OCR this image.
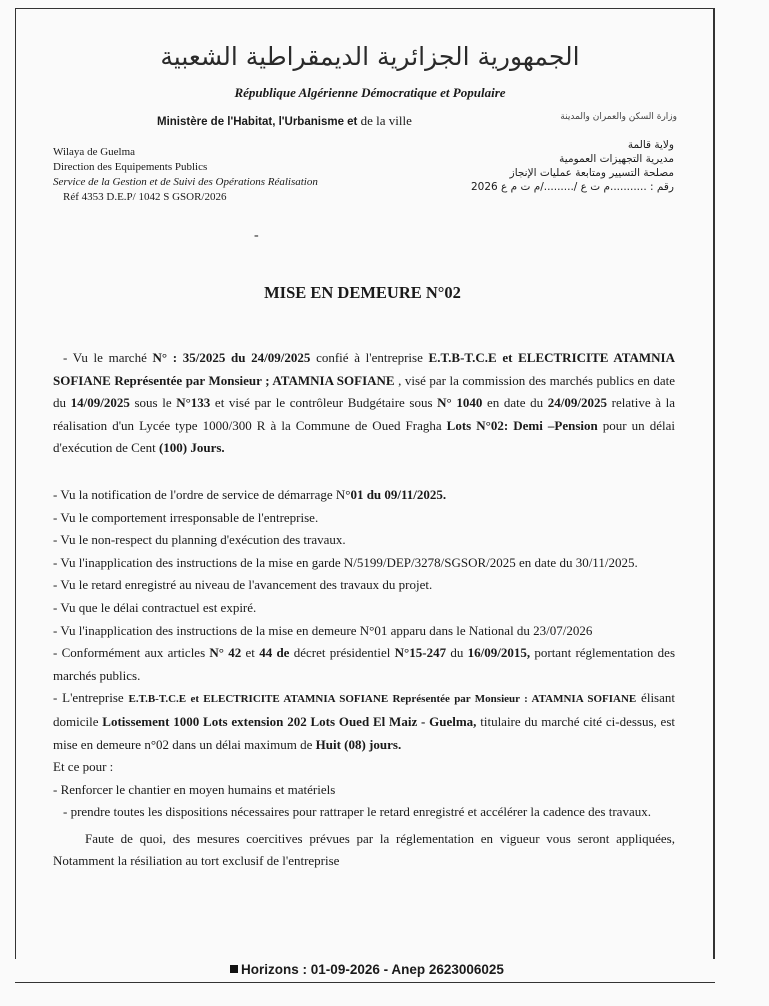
الجمهورية الجزائرية الديمقراطية الشعبية
République Algérienne Démocratique et Populaire
Ministère de l'Habitat, l'Urbanisme et de la ville	وزارة السكن والعمران والمدينة
Wilaya de Guelma
Direction des Equipements Publics
Service de la Gestion et de Suivi des Opérations Réalisation
Réf 4353 D.E.P/ 1042 S GSOR/2026
ولاية قالمة
مديرية التجهيزات العمومية
مصلحة التسيير ومتابعة عمليات الإنجاز
رقم : ...........م ت ع /........./م ت م ع 2026
-
MISE EN DEMEURE N°02

- Vu le marché N° : 35/2025 du 24/09/2025 confié à l'entreprise E.T.B-T.C.E et ELECTRICITE ATAMNIA SOFIANE Représentée par Monsieur ; ATAMNIA SOFIANE , visé par la commission des marchés publics en date du 14/09/2025 sous le N°133 et visé par le contrôleur Budgétaire sous N° 1040 en date du 24/09/2025 relative à la réalisation d'un Lycée type 1000/300 R à la Commune de Oued Fragha Lots N°02: Demi –Pension pour un délai d'exécution de Cent (100) Jours.

- Vu la notification de l'ordre de service de démarrage N°01 du 09/11/2025.

- Vu le comportement irresponsable de l'entreprise.

- Vu le non-respect du planning d'exécution des travaux.

- Vu l'inapplication des instructions de la mise en garde N/5199/DEP/3278/SGSOR/2025 en date du 30/11/2025.

- Vu le retard enregistré au niveau de l'avancement des travaux du projet.

- Vu que le délai contractuel est expiré.

- Vu l'inapplication des instructions de la mise en demeure N°01 apparu dans le National du 23/07/2026

- Conformément aux articles N° 42 et 44 de décret présidentiel N°15-247 du 16/09/2015, portant réglementation des marchés publics.

- L'entreprise E.T.B-T.C.E et ELECTRICITE ATAMNIA SOFIANE Représentée par Monsieur : ATAMNIA SOFIANE élisant domicile Lotissement 1000 Lots extension 202 Lots Oued El Maiz - Guelma, titulaire du marché cité ci-dessus, est mise en demeure n°02 dans un délai maximum de Huit (08) jours.

Et ce pour :

- Renforcer le chantier en moyen humains et matériels

- prendre toutes les dispositions nécessaires pour rattraper le retard enregistré et accélérer la cadence des travaux.

Faute de quoi, des mesures coercitives prévues par la réglementation en vigueur vous seront appliquées, Notamment la résiliation au tort exclusif de l'entreprise

Horizons : 01-09-2026 - Anep 2623006025
